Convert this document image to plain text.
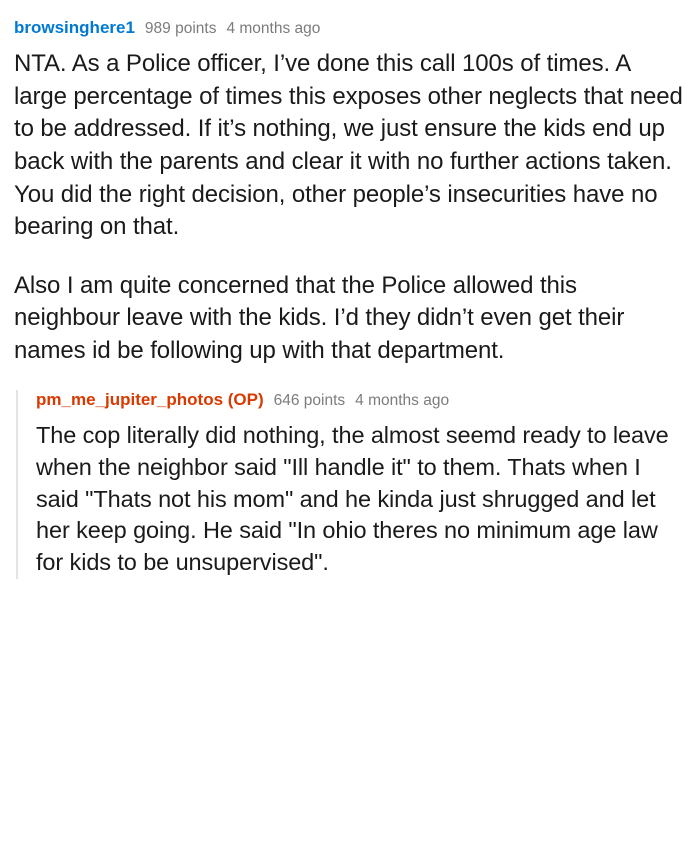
browsinghere1 989 points 4 months ago

NTA. As a Police officer, I’ve done this call 100s of times. A large percentage of times this exposes other neglects that need to be addressed. If it’s nothing, we just ensure the kids end up back with the parents and clear it with no further actions taken. You did the right decision, other people’s insecurities have no bearing on that.

Also I am quite concerned that the Police allowed this neighbour leave with the kids. I’d they didn’t even get their names id be following up with that department.

pm_me_jupiter_photos (OP) 646 points 4 months ago

The cop literally did nothing, the almost seemd ready to leave when the neighbor said "Ill handle it" to them. Thats when I said "Thats not his mom" and he kinda just shrugged and let her keep going. He said "In ohio theres no minimum age law for kids to be unsupervised".
